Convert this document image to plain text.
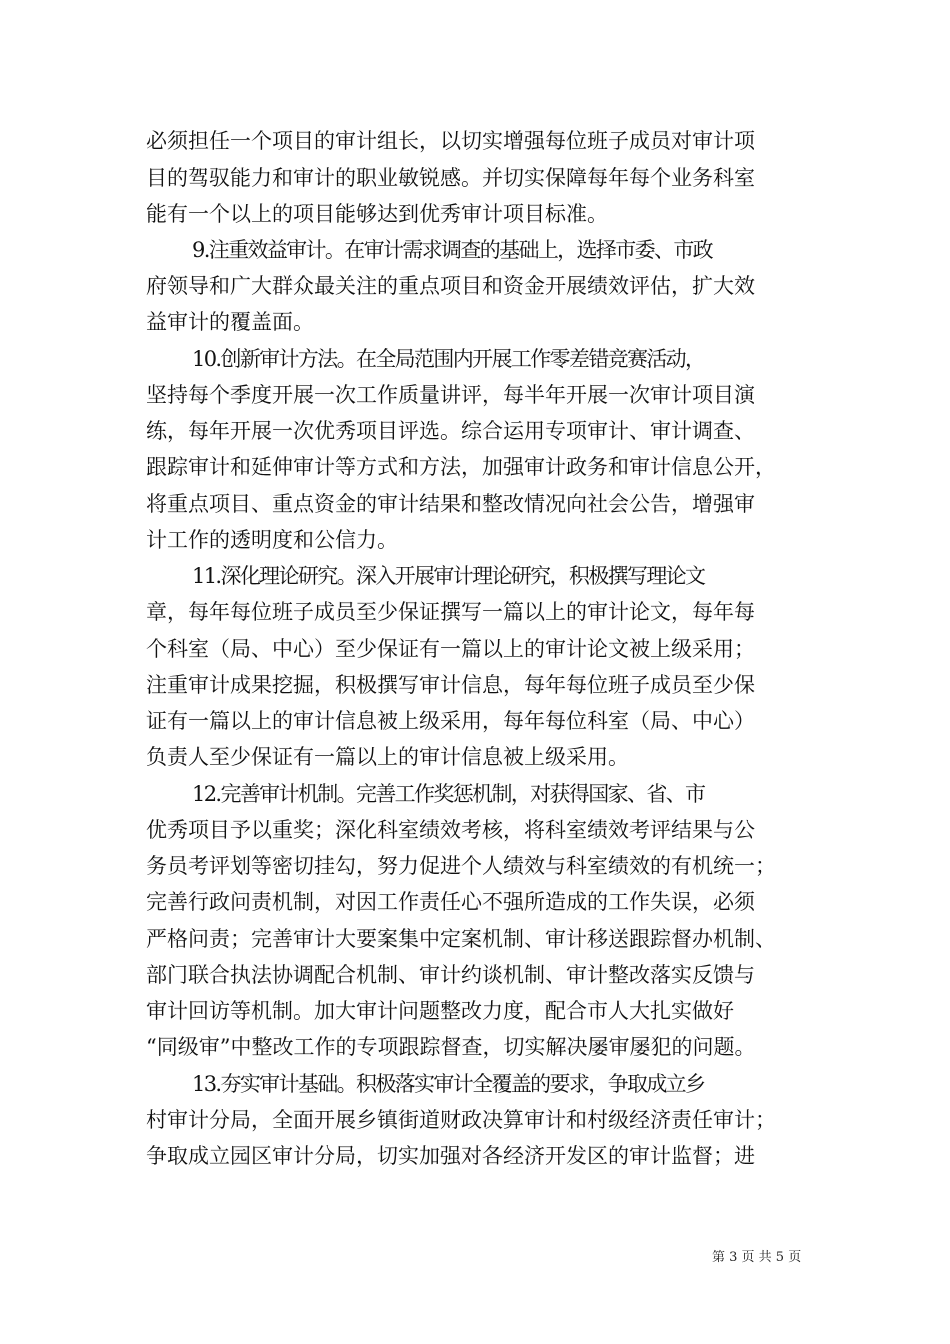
必须担任一个项目的审计组长，以切实增强每位班子成员对审计项
目的驾驭能力和审计的职业敏锐感。并切实保障每年每个业务科室
能有一个以上的项目能够达到优秀审计项目标准。
9.注重效益审计。在审计需求调查的基础上，选择市委、市政
府领导和广大群众最关注的重点项目和资金开展绩效评估，扩大效
益审计的覆盖面。
10.创新审计方法。在全局范围内开展工作零差错竞赛活动，
坚持每个季度开展一次工作质量讲评，每半年开展一次审计项目演
练，每年开展一次优秀项目评选。综合运用专项审计、审计调查、
跟踪审计和延伸审计等方式和方法，加强审计政务和审计信息公开，
将重点项目、重点资金的审计结果和整改情况向社会公告，增强审
计工作的透明度和公信力。
11.深化理论研究。深入开展审计理论研究，积极撰写理论文
章，每年每位班子成员至少保证撰写一篇以上的审计论文，每年每
个科室（局、中心）至少保证有一篇以上的审计论文被上级采用；
注重审计成果挖掘，积极撰写审计信息，每年每位班子成员至少保
证有一篇以上的审计信息被上级采用，每年每位科室（局、中心）
负责人至少保证有一篇以上的审计信息被上级采用。
12.完善审计机制。完善工作奖惩机制，对获得国家、省、市
优秀项目予以重奖；深化科室绩效考核，将科室绩效考评结果与公
务员考评划等密切挂勾，努力促进个人绩效与科室绩效的有机统一；
完善行政问责机制，对因工作责任心不强所造成的工作失误，必须
严格问责；完善审计大要案集中定案机制、审计移送跟踪督办机制、
部门联合执法协调配合机制、审计约谈机制、审计整改落实反馈与
审计回访等机制。加大审计问题整改力度，配合市人大扎实做好
“同级审”中整改工作的专项跟踪督查，切实解决屡审屡犯的问题。
13.夯实审计基础。积极落实审计全覆盖的要求，争取成立乡
村审计分局，全面开展乡镇街道财政决算审计和村级经济责任审计；
争取成立园区审计分局，切实加强对各经济开发区的审计监督；进
第 3 页 共 5 页
